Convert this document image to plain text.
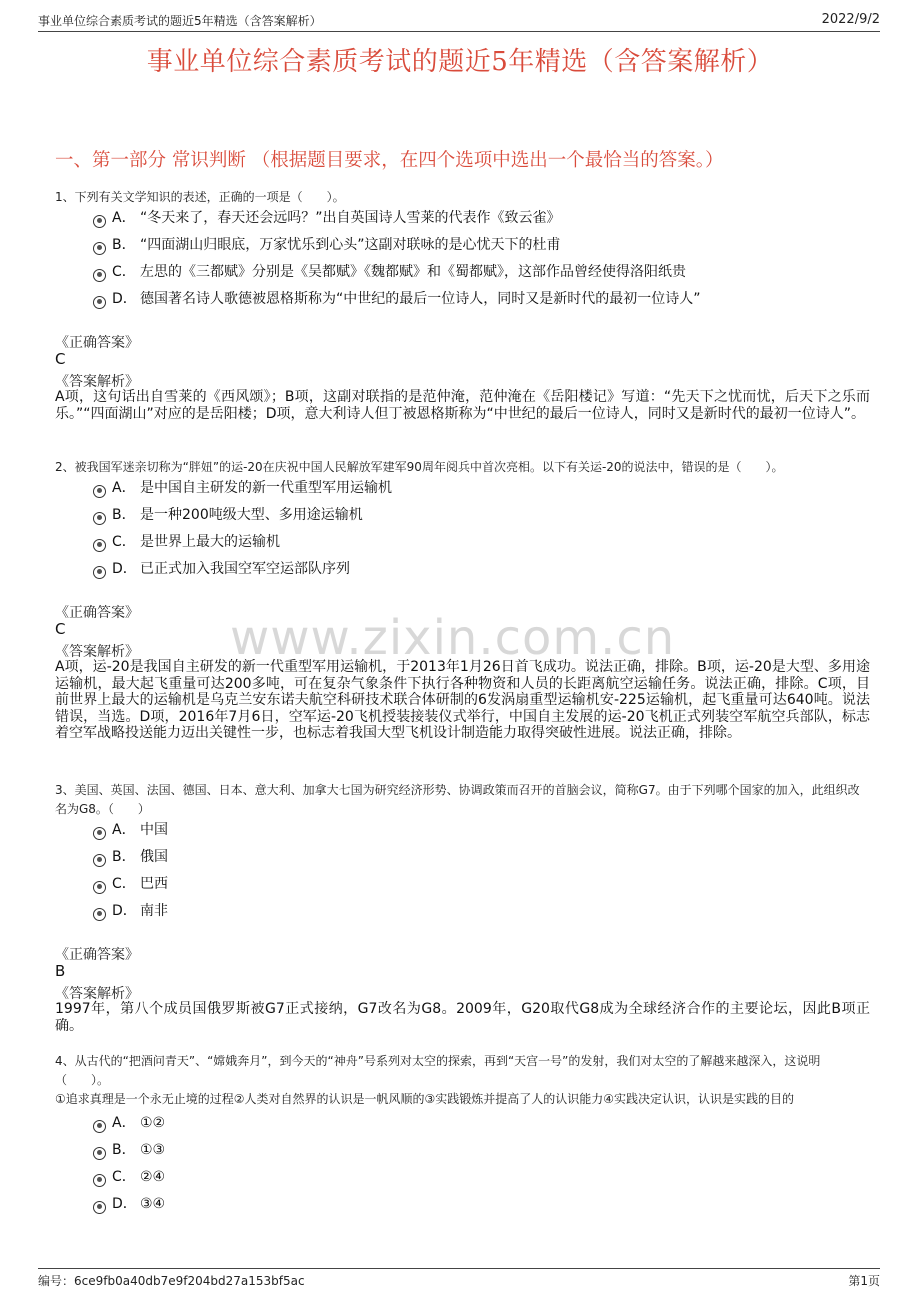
事业单位综合素质考试的题近5年精选（含答案解析）	2022/9/2
事业单位综合素质考试的题近5年精选（含答案解析）
一、第一部分 常识判断 （根据题目要求，在四个选项中选出一个最恰当的答案。）
www.zixin.com.cn
1、下列有关文学知识的表述，正确的一项是（　　）。
A． “冬天来了，春天还会远吗？”出自英国诗人雪莱的代表作《致云雀》
B． “四面湖山归眼底，万家忧乐到心头”这副对联咏的是心忧天下的杜甫
C． 左思的《三都赋》分别是《吴都赋》《魏都赋》和《蜀都赋》，这部作品曾经使得洛阳纸贵
D． 德国著名诗人歌德被恩格斯称为“中世纪的最后一位诗人，同时又是新时代的最初一位诗人”
《正确答案》
C
《答案解析》
A项，这句话出自雪莱的《西风颂》；B项，这副对联指的是范仲淹，范仲淹在《岳阳楼记》写道：“先天下之忧而忧，后天下之乐而乐。”“四面湖山”对应的是岳阳楼；D项，意大利诗人但丁被恩格斯称为“中世纪的最后一位诗人，同时又是新时代的最初一位诗人”。
2、被我国军迷亲切称为“胖妞”的运-20在庆祝中国人民解放军建军90周年阅兵中首次亮相。以下有关运-20的说法中，错误的是（　　）。
A． 是中国自主研发的新一代重型军用运输机
B． 是一种200吨级大型、多用途运输机
C． 是世界上最大的运输机
D． 已正式加入我国空军空运部队序列
《正确答案》
C
《答案解析》
A项，运-20是我国自主研发的新一代重型军用运输机，于2013年1月26日首飞成功。说法正确，排除。B项，运-20是大型、多用途运输机，最大起飞重量可达200多吨，可在复杂气象条件下执行各种物资和人员的长距离航空运输任务。说法正确，排除。C项，目前世界上最大的运输机是乌克兰安东诺夫航空科研技术联合体研制的6发涡扇重型运输机安-225运输机，起飞重量可达640吨。说法错误，当选。D项，2016年7月6日，空军运-20飞机授装接装仪式举行，中国自主发展的运-20飞机正式列装空军航空兵部队，标志着空军战略投送能力迈出关键性一步，也标志着我国大型飞机设计制造能力取得突破性进展。说法正确，排除。
3、美国、英国、法国、德国、日本、意大利、加拿大七国为研究经济形势、协调政策而召开的首脑会议，简称G7。由于下列哪个国家的加入，此组织改名为G8。（　　）
A． 中国
B． 俄国
C． 巴西
D． 南非
《正确答案》
B
《答案解析》
1997年，第八个成员国俄罗斯被G7正式接纳，G7改名为G8。2009年，G20取代G8成为全球经济合作的主要论坛，因此B项正确。
4、从古代的“把酒问青天”、“嫦娥奔月”，到今天的“神舟”号系列对太空的探索，再到“天宫一号”的发射，我们对太空的了解越来越深入，这说明（　　）。
①追求真理是一个永无止境的过程②人类对自然界的认识是一帆风顺的③实践锻炼并提高了人的认识能力④实践决定认识，认识是实践的目的
A． ①②
B． ①③
C． ②④
D． ③④
编号：6ce9fb0a40db7e9f204bd27a153bf5ac	第1页
